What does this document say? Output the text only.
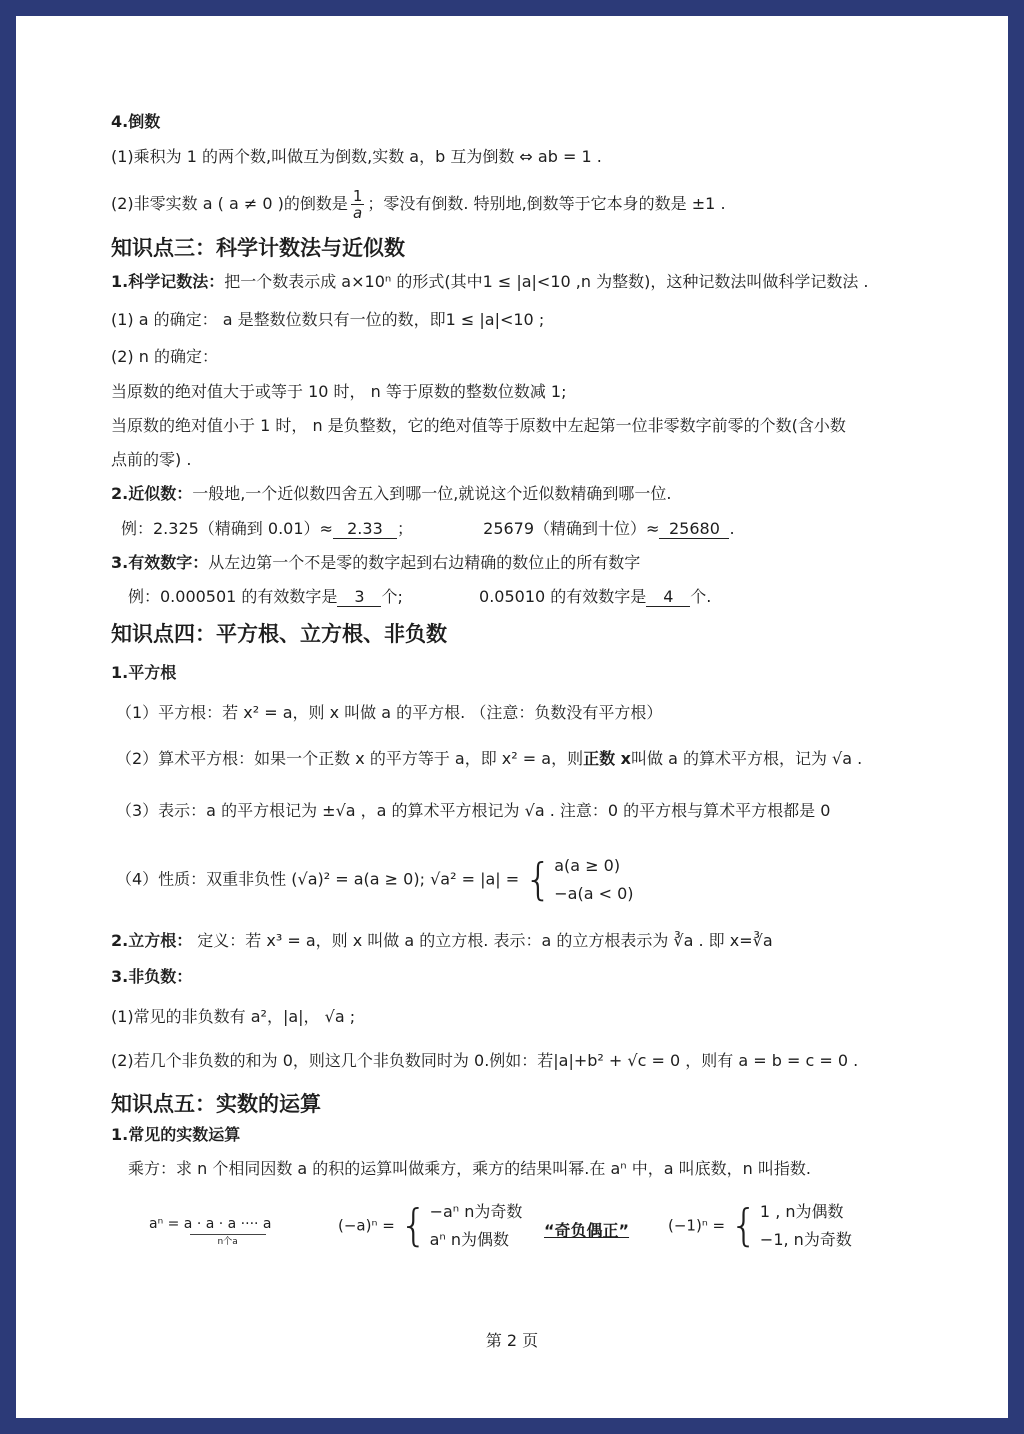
4.倒数
(1)乘积为 1 的两个数,叫做互为倒数,实数 a，b 互为倒数 ⇔ ab = 1 .
(2)非零实数 a ( a ≠ 0 )的倒数是 $\frac{1}{a}$ ；零没有倒数. 特别地,倒数等于它本身的数是 ±1 .
知识点三：科学计数法与近似数
1.科学记数法：把一个数表示成 a×10ⁿ 的形式(其中1 ≤ |a|<10 ,n 为整数)，这种记数法叫做科学记数法 .
(1) a 的确定： a 是整数位数只有一位的数，即1 ≤ |a|<10 ;
(2) n 的确定：
当原数的绝对值大于或等于 10 时， n 等于原数的整数位数减 1;
当原数的绝对值小于 1 时， n 是负整数，它的绝对值等于原数中左起第一位非零数字前零的个数(含小数
点前的零) .
2.近似数：一般地,一个近似数四舍五入到哪一位,就说这个近似数精确到哪一位.
例：2.325（精确到 0.01）≈ 2.33 ；	25679（精确到十位）≈ 25680 .
3.有效数字：从左边第一个不是零的数字起到右边精确的数位止的所有数字
例：0.000501 的有效数字是 3 个;	0.05010 的有效数字是 4 个.
知识点四：平方根、立方根、非负数
1.平方根
（1）平方根：若 x² = a，则 x 叫做 a 的平方根. （注意：负数没有平方根）
（2）算术平方根：如果一个正数 x 的平方等于 a，即 x² = a，则正数 x叫做 a 的算术平方根，记为 √a .
（3）表示：a 的平方根记为 ±√a ，a 的算术平方根记为 √a . 注意：0 的平方根与算术平方根都是 0
（4）性质：双重非负性 (√a)² = a(a ≥ 0); √a² = |a| = { a(a ≥ 0)
−a(a < 0)
2.立方根： 定义：若 x³ = a，则 x 叫做 a 的立方根. 表示：a 的立方根表示为 ∛a . 即 x=∛a
3.非负数：
(1)常见的非负数有 a²，|a|， √a ;
(2)若几个非负数的和为 0，则这几个非负数同时为 0.例如：若|a|+b² + √c = 0 ，则有 a = b = c = 0 .
知识点五：实数的运算
1.常见的实数运算
乘方：求 n 个相同因数 a 的积的运算叫做乘方，乘方的结果叫幂.在 aⁿ 中，a 叫底数，n 叫指数.
aⁿ = a · a · a ···· a
n个a
(−a)ⁿ = { −aⁿ n为奇数
aⁿ n为偶数	“奇负偶正”	(−1)ⁿ = { 1 , n为偶数
−1, n为奇数
第 2 页
